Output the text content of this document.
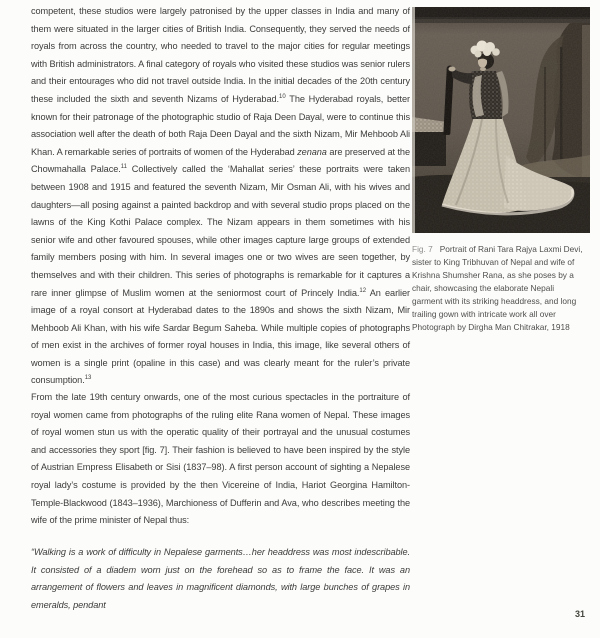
competent, these studios were largely patronised by the upper classes in India and many of them were situated in the larger cities of British India. Consequently, they served the needs of royals from across the country, who needed to travel to the major cities for regular meetings with British administrators. A final category of royals who visited these studios was senior rulers and their entourages who did not travel outside India. In the initial decades of the 20th century these included the sixth and seventh Nizams of Hyderabad.$^{10}$ The Hyderabad royals, better known for their patronage of the photographic studio of Raja Deen Dayal, were to continue this association well after the death of both Raja Deen Dayal and the sixth Nizam, Mir Mehboob Ali Khan. A remarkable series of portraits of women of the Hyderabad zenana are preserved at the Chowmahalla Palace.$^{11}$ Collectively called the ‘Mahallat series’ these portraits were taken between 1908 and 1915 and featured the seventh Nizam, Mir Osman Ali, with his wives and daughters—all posing against a painted backdrop and with several studio props placed on the lawns of the King Kothi Palace complex. The Nizam appears in them sometimes with his senior wife and other favoured spouses, while other images capture large groups of extended family members posing with him. In several images one or two wives are seen together, by themselves and with their children. This series of photographs is remarkable for it captures a rare inner glimpse of Muslim women at the seniormost court of Princely India.$^{12}$ An earlier image of a royal consort at Hyderabad dates to the 1890s and shows the sixth Nizam, Mir Mehboob Ali Khan, with his wife Sardar Begum Saheba. While multiple copies of photographs of men exist in the archives of former royal houses in India, this image, like several others of women is a single print (opaline in this case) and was clearly meant for the ruler’s private consumption.$^{13}$

From the late 19th century onwards, one of the most curious spectacles in the portraiture of royal women came from photographs of the ruling elite Rana women of Nepal. These images of royal women stun us with the operatic quality of their portrayal and the unusual costumes and accessories they sport [fig. 7]. Their fashion is believed to have been inspired by the style of Austrian Empress Elisabeth or Sisi (1837–98). A first person account of sighting a Nepalese royal lady’s costume is provided by the then Vicereine of India, Hariot Georgina Hamilton-Temple-Blackwood (1843–1936), Marchioness of Dufferin and Ava, who describes meeting the wife of the prime minister of Nepal thus:

“Walking is a work of difficulty in Nepalese garments…her headdress was most indescribable. It consisted of a diadem worn just on the forehead so as to frame the face. It was an arrangement of flowers and leaves in magnificent diamonds, with large bunches of grapes in emeralds, pendant

Fig. 7 Portrait of Rani Tara Rajya Laxmi Devi, sister to King Tribhuvan of Nepal and wife of Krishna Shumsher Rana, as she poses by a chair, showcasing the elaborate Nepali garment with its striking headdress, and long trailing gown with intricate work all over
Photograph by Dirgha Man Chitrakar, 1918
31
